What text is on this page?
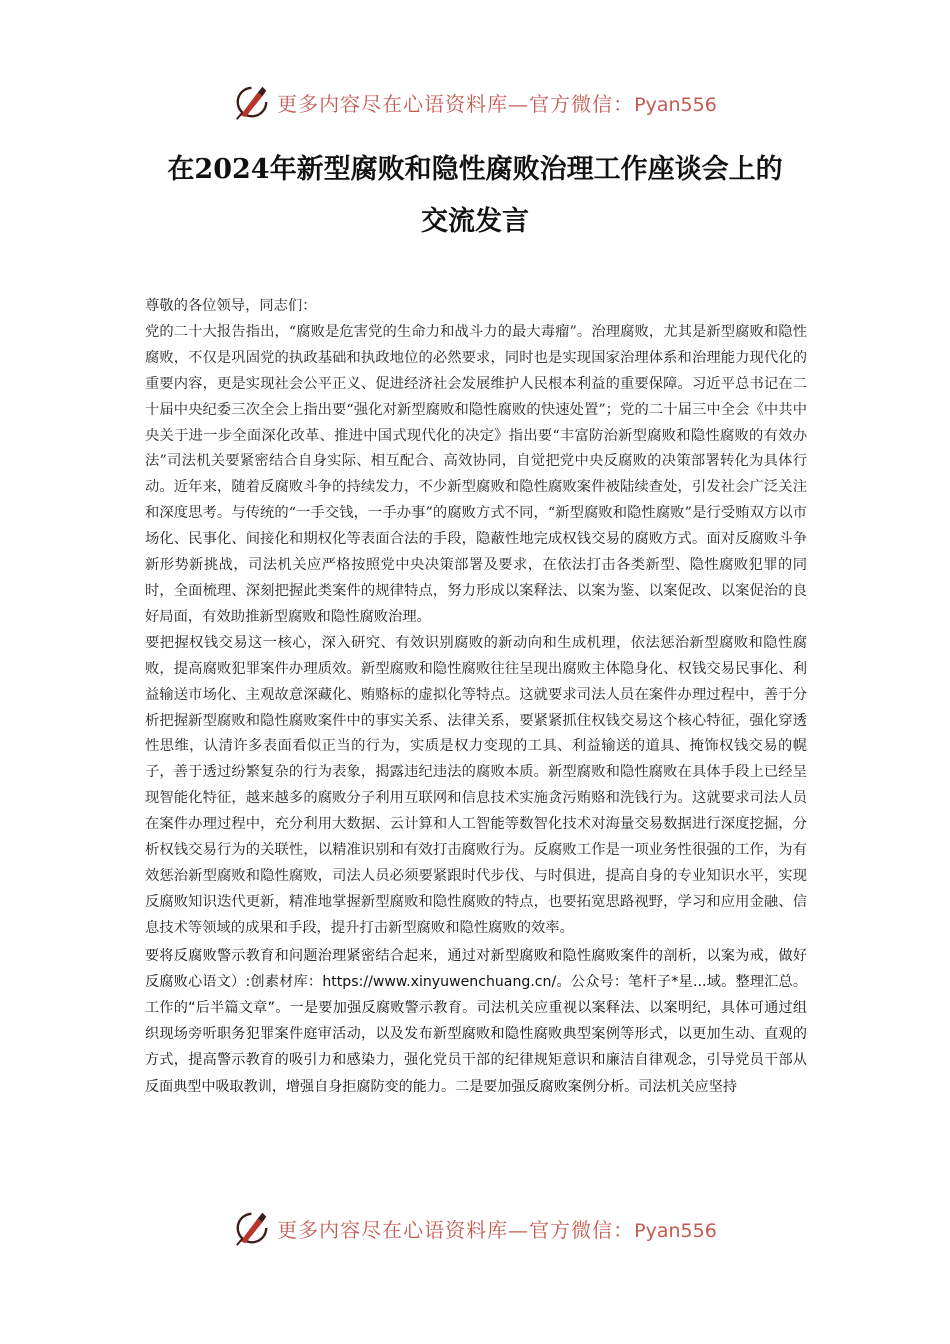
更多内容尽在心语资料库—官方微信：Pyan556
在2024年新型腐败和隐性腐败治理工作座谈会上的
交流发言

尊敬的各位领导，同志们：

党的二十大报告指出，“腐败是危害党的生命力和战斗力的最大毒瘤”。治理腐败，尤其是新型腐败和隐性腐败，不仅是巩固党的执政基础和执政地位的必然要求，同时也是实现国家治理体系和治理能力现代化的重要内容，更是实现社会公平正义、促进经济社会发展维护人民根本利益的重要保障。习近平总书记在二十届中央纪委三次全会上指出要“强化对新型腐败和隐性腐败的快速处置”；党的二十届三中全会《中共中央关于进一步全面深化改革、推进中国式现代化的决定》指出要“丰富防治新型腐败和隐性腐败的有效办法”司法机关要紧密结合自身实际、相互配合、高效协同，自觉把党中央反腐败的决策部署转化为具体行动。近年来，随着反腐败斗争的持续发力，不少新型腐败和隐性腐败案件被陆续查处，引发社会广泛关注和深度思考。与传统的“一手交钱，一手办事”的腐败方式不同，“新型腐败和隐性腐败”是行受贿双方以市场化、民事化、间接化和期权化等表面合法的手段，隐蔽性地完成权钱交易的腐败方式。面对反腐败斗争新形势新挑战，司法机关应严格按照党中央决策部署及要求，在依法打击各类新型、隐性腐败犯罪的同时，全面梳理、深刻把握此类案件的规律特点，努力形成以案释法、以案为鉴、以案促改、以案促治的良好局面，有效助推新型腐败和隐性腐败治理。

要把握权钱交易这一核心，深入研究、有效识别腐败的新动向和生成机理，依法惩治新型腐败和隐性腐败，提高腐败犯罪案件办理质效。新型腐败和隐性腐败往往呈现出腐败主体隐身化、权钱交易民事化、利益输送市场化、主观故意深藏化、贿赂标的虚拟化等特点。这就要求司法人员在案件办理过程中，善于分析把握新型腐败和隐性腐败案件中的事实关系、法律关系，要紧紧抓住权钱交易这个核心特征，强化穿透性思维，认清许多表面看似正当的行为，实质是权力变现的工具、利益输送的道具、掩饰权钱交易的幌子，善于透过纷繁复杂的行为表象，揭露违纪违法的腐败本质。新型腐败和隐性腐败在具体手段上已经呈现智能化特征，越来越多的腐败分子利用互联网和信息技术实施贪污贿赂和洗钱行为。这就要求司法人员在案件办理过程中，充分利用大数据、云计算和人工智能等数智化技术对海量交易数据进行深度挖掘，分析权钱交易行为的关联性，以精准识别和有效打击腐败行为。反腐败工作是一项业务性很强的工作，为有效惩治新型腐败和隐性腐败，司法人员必须要紧跟时代步伐、与时俱进，提高自身的专业知识水平，实现反腐败知识迭代更新，精准地掌握新型腐败和隐性腐败的特点，也要拓宽思路视野，学习和应用金融、信息技术等领域的成果和手段，提升打击新型腐败和隐性腐败的效率。

要将反腐败警示教育和问题治理紧密结合起来，通过对新型腐败和隐性腐败案件的剖析，以案为戒，做好反腐败心语文）:创素材库：https://www.xinyuwenchuang.cn/。公众号：笔杆子*星...域。整理汇总。工作的“后半篇文章”。一是要加强反腐败警示教育。司法机关应重视以案释法、以案明纪，具体可通过组织现场旁听职务犯罪案件庭审活动，以及发布新型腐败和隐性腐败典型案例等形式，以更加生动、直观的方式，提高警示教育的吸引力和感染力，强化党员干部的纪律规矩意识和廉洁自律观念，引导党员干部从反面典型中吸取教训，增强自身拒腐防变的能力。二是要加强反腐败案例分析。司法机关应坚持

更多内容尽在心语资料库—官方微信：Pyan556
